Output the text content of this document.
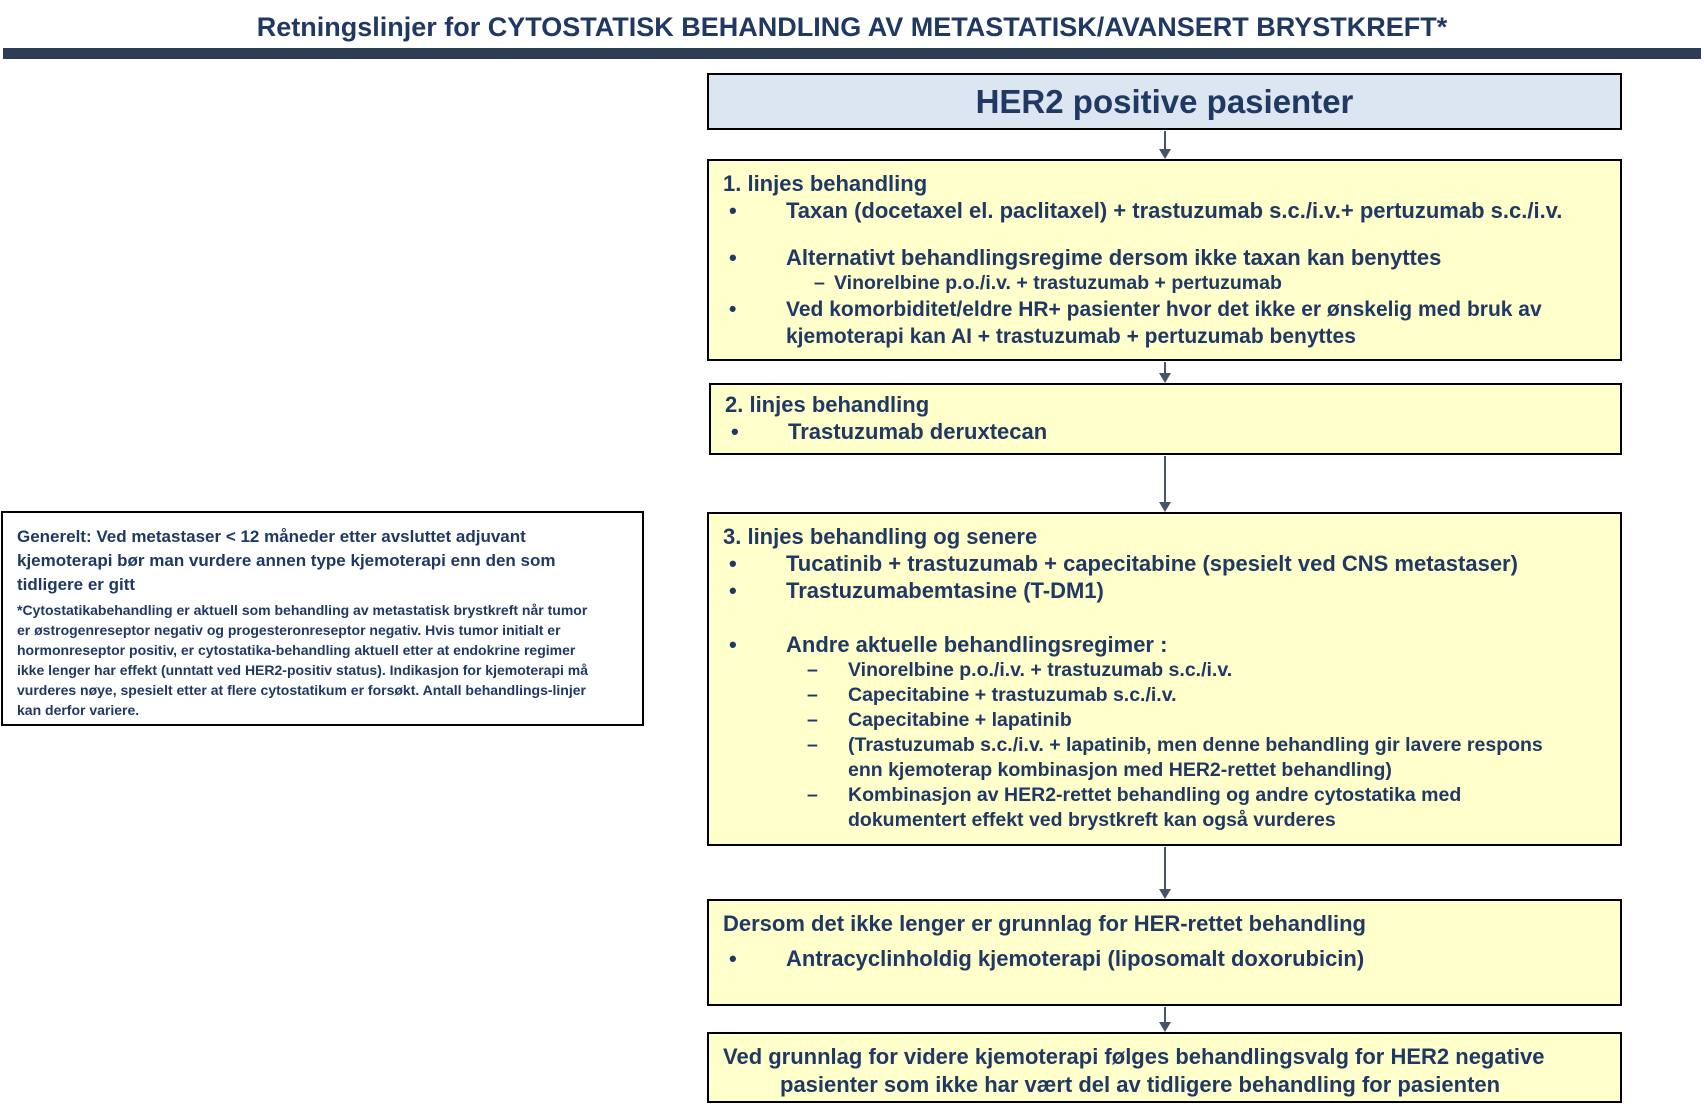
Retningslinjer for CYTOSTATISK BEHANDLING AV METASTATISK/AVANSERT BRYSTKREFT*
HER2 positive pasienter
1. linjes behandling
•	Taxan (docetaxel el. paclitaxel) + trastuzumab s.c./i.v.+ pertuzumab s.c./i.v.
•	Alternativt behandlingsregime dersom ikke taxan kan benyttes
– Vinorelbine p.o./i.v. + trastuzumab + pertuzumab
•	Ved komorbiditet/eldre HR+ pasienter hvor det ikke er ønskelig med bruk av
kjemoterapi kan AI + trastuzumab + pertuzumab benyttes
2. linjes behandling
•	Trastuzumab deruxtecan
3. linjes behandling og senere
•	Tucatinib + trastuzumab + capecitabine (spesielt ved CNS metastaser)
•	Trastuzumabemtasine (T-DM1)
•	Andre aktuelle behandlingsregimer :
–	Vinorelbine p.o./i.v. + trastuzumab s.c./i.v.
–	Capecitabine + trastuzumab s.c./i.v.
–	Capecitabine + lapatinib
–	(Trastuzumab s.c./i.v. + lapatinib, men denne behandling gir lavere respons
enn kjemoterap kombinasjon med HER2-rettet behandling)
–	Kombinasjon av HER2-rettet behandling og andre cytostatika med
dokumentert effekt ved brystkreft kan også vurderes
Dersom det ikke lenger er grunnlag for HER-rettet behandling
•	Antracyclinholdig kjemoterapi (liposomalt doxorubicin)
Ved grunnlag for videre kjemoterapi følges behandlingsvalg for HER2 negative
pasienter som ikke har vært del av tidligere behandling for pasienten
Generelt: Ved metastaser < 12 måneder etter avsluttet adjuvant
kjemoterapi bør man vurdere annen type kjemoterapi enn den som
tidligere er gitt
*Cytostatikabehandling er aktuell som behandling av metastatisk brystkreft når tumor
er østrogenreseptor negativ og progesteronreseptor negativ. Hvis tumor initialt er
hormonreseptor positiv, er cytostatika-behandling aktuell etter at endokrine regimer
ikke lenger har effekt (unntatt ved HER2-positiv status). Indikasjon for kjemoterapi må
vurderes nøye, spesielt etter at flere cytostatikum er forsøkt. Antall behandlings-linjer
kan derfor variere.
